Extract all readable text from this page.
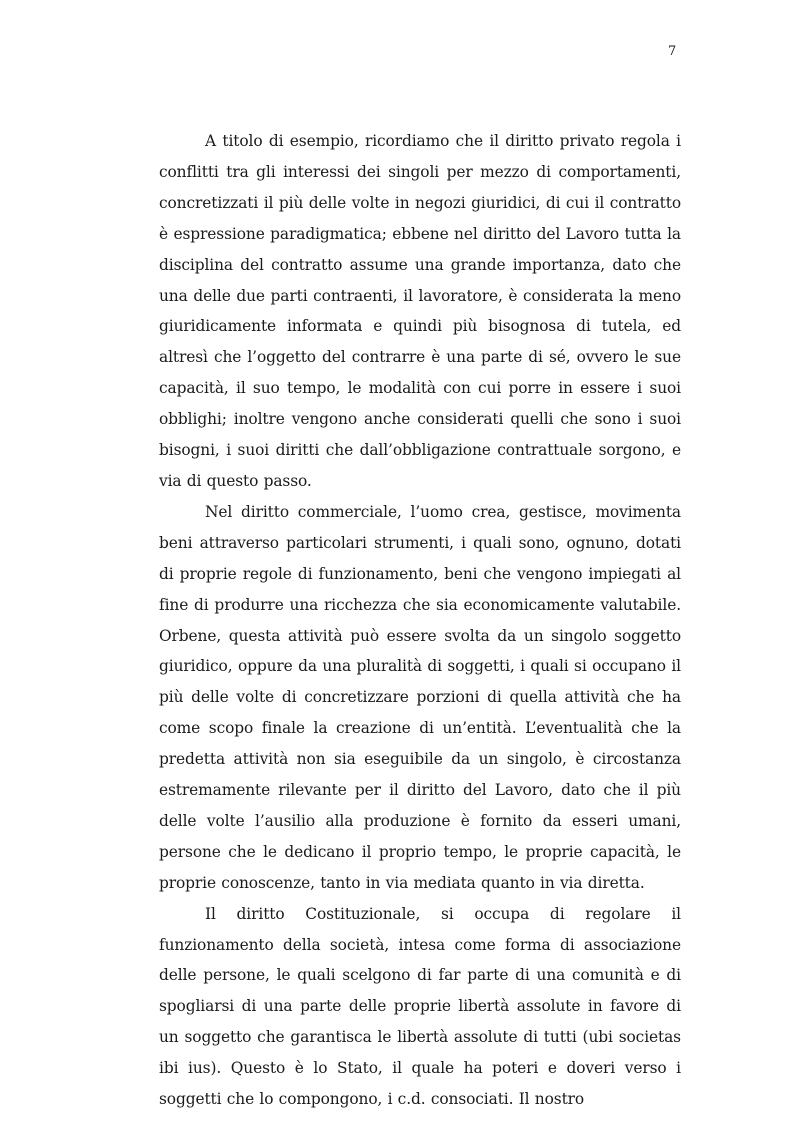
7

A titolo di esempio, ricordiamo che il diritto privato regola i conflitti tra gli interessi dei singoli per mezzo di comportamenti, concretizzati il più delle volte in negozi giuridici, di cui il contratto è espressione paradigmatica; ebbene nel diritto del Lavoro tutta la disciplina del contratto assume una grande importanza, dato che una delle due parti contraenti, il lavoratore, è considerata la meno giuridicamente informata e quindi più bisognosa di tutela, ed altresì che l’oggetto del contrarre è una parte di sé, ovvero le sue capacità, il suo tempo, le modalità con cui porre in essere i suoi obblighi; inoltre vengono anche considerati quelli che sono i suoi bisogni, i suoi diritti che dall’obbligazione contrattuale sorgono, e via di questo passo.

Nel diritto commerciale, l’uomo crea, gestisce, movimenta beni attraverso particolari strumenti, i quali sono, ognuno, dotati di proprie regole di funzionamento, beni che vengono impiegati al fine di produrre una ricchezza che sia economicamente valutabile. Orbene, questa attività può essere svolta da un singolo soggetto giuridico, oppure da una pluralità di soggetti, i quali si occupano il più delle volte di concretizzare porzioni di quella attività che ha come scopo finale la creazione di un’entità. L’eventualità che la predetta attività non sia eseguibile da un singolo, è circostanza estremamente rilevante per il diritto del Lavoro, dato che il più delle volte l’ausilio alla produzione è fornito da esseri umani, persone che le dedicano il proprio tempo, le proprie capacità, le proprie conoscenze, tanto in via mediata quanto in via diretta.

Il diritto Costituzionale, si occupa di regolare il funzionamento della società, intesa come forma di associazione delle persone, le quali scelgono di far parte di una comunità e di spogliarsi di una parte delle proprie libertà assolute in favore di un soggetto che garantisca le libertà assolute di tutti (ubi societas ibi ius). Questo è lo Stato, il quale ha poteri e doveri verso i soggetti che lo compongono, i c.d. consociati. Il nostro
